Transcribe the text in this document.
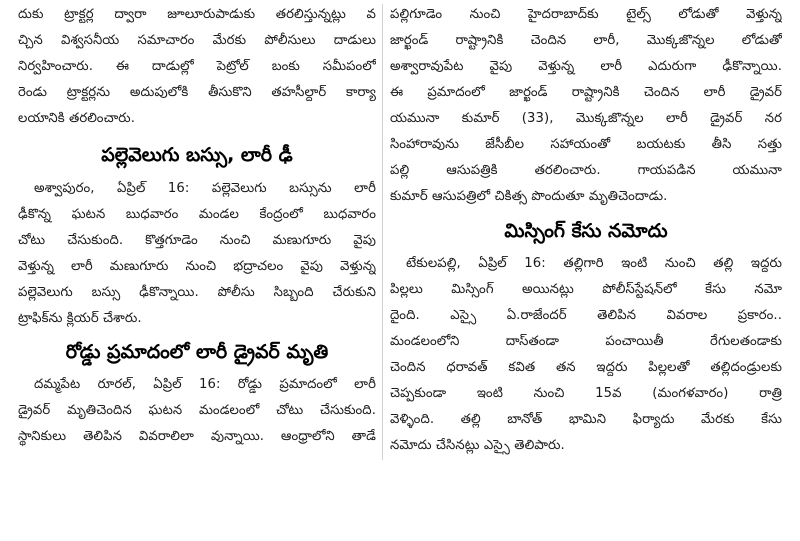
దుకు ట్రాక్టర్ల ద్వారా జూలూరుపాడుకు తరలిస్తున్నట్లు వ
చ్చిన విశ్వసనీయ సమాచారం మేరకు పోలీసులు దాడులు
నిర్వహించారు. ఈ దాడుల్లో పెట్రోల్ బంకు సమీపంలో
రెండు ట్రాక్టర్లను అదుపులోకి తీసుకొని తహసీల్దార్ కార్యా
లయానికి తరలించారు.
పల్లెవెలుగు బస్సు, లారీ ఢీ
అశ్వాపురం, ఏప్రిల్ 16: పల్లెవెలుగు బస్సును లారీ
ఢీకొన్న ఘటన బుధవారం మండల కేంద్రంలో బుధవారం
చోటు చేసుకుంది. కొత్తగూడెం నుంచి మణుగూరు వైపు
వెళ్తున్న లారీ మణుగూరు నుంచి భద్రాచలం వైపు వెళ్తున్న
పల్లెవెలుగు బస్సు ఢీకొన్నాయి. పోలీసు సిబ్బంది చేరుకుని
ట్రాఫిక్‌ను క్లియర్ చేశారు.
రోడ్డు ప్రమాదంలో లారీ డ్రైవర్ మృతి
దమ్మపేట రూరల్, ఏప్రిల్ 16: రోడ్డు ప్రమాదంలో లారీ
డ్రైవర్ మృతిచెందిన ఘటన మండలంలో చోటు చేసుకుంది.
స్థానికులు తెలిపిన వివరాలిలా వున్నాయి. ఆంధ్రాలోని తాడే
పల్లిగూడెం నుంచి హైదరాబాద్‌కు టైల్స్ లోడుతో వెళ్తున్న
జార్ఖండ్ రాష్ట్రానికి చెందిన లారీ, మొక్కజొన్నల లోడుతో
అశ్వారావుపేట వైపు వెళ్తున్న లారీ ఎదురుగా ఢీకొన్నాయి.
ఈ ప్రమాదంలో జార్ఖండ్ రాష్ట్రానికి చెందిన లారీ డ్రైవర్
యమునా కుమార్ (33), మొక్కజొన్నల లారీ డ్రైవర్ నర
సింహారావును జేసీబీల సహాయంతో బయటకు తీసి సత్తు
పల్లి ఆసుపత్రికి తరలించారు. గాయపడిన యమునా
కుమార్ ఆసుపత్రిలో చికిత్స పొందుతూ మృతిచెందాడు.
మిస్సింగ్ కేసు నమోదు
టేకులపల్లి, ఏప్రిల్ 16: తల్లిగారి ఇంటి నుంచి తల్లి ఇద్దరు
పిల్లలు మిస్సింగ్ అయినట్లు పోలీస్‌స్టేషన్‌లో కేసు నమో
దైంది. ఎస్సై ఏ.రాజేందర్ తెలిపిన వివరాల ప్రకారం..
మండలంలోని దాస్‌తండా పంచాయితీ రేగులతండాకు
చెందిన ధరావత్ కవిత తన ఇద్దరు పిల్లలతో తల్లిదండ్రులకు
చెప్పకుండా ఇంటి నుంచి 15వ (మంగళవారం) రాత్రి
వెళ్ళింది. తల్లి బానోత్ భామిని ఫిర్యాదు మేరకు కేసు
నమోదు చేసినట్లు ఎస్సై తెలిపారు.
